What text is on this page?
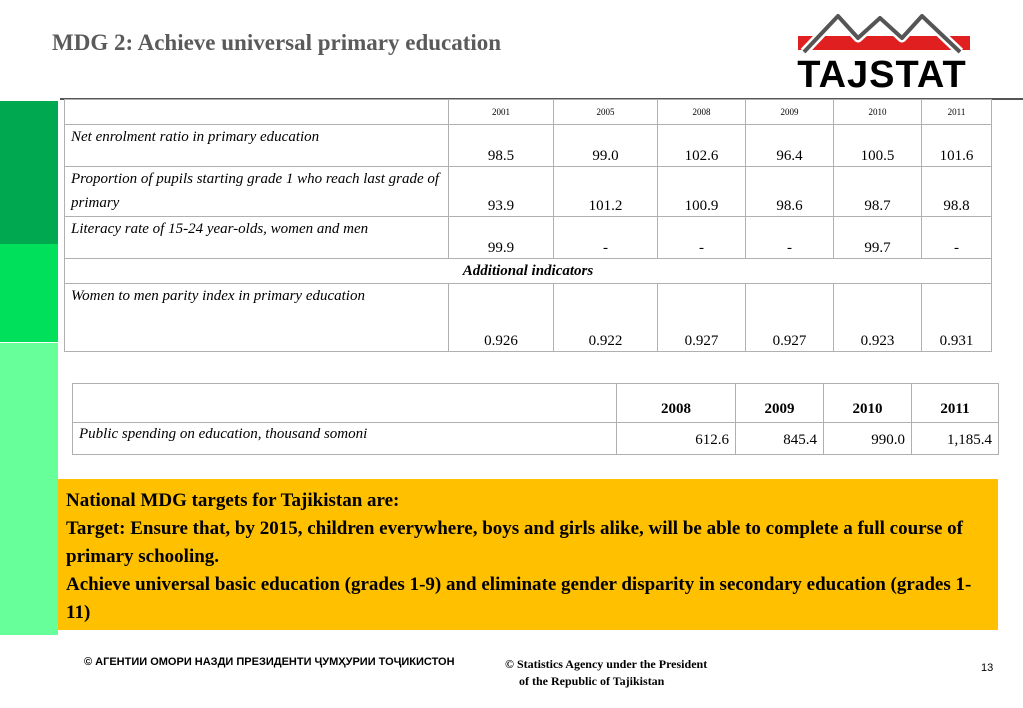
MDG 2: Achieve universal primary education
TAJSTAT
	2001	2005	2008	2009	2010	2011
Net enrolment ratio in primary education	98.5	99.0	102.6	96.4	100.5	101.6
Proportion of pupils starting grade 1 who reach last grade of primary	93.9	101.2	100.9	98.6	98.7	98.8
Literacy rate of 15-24 year-olds, women and men	99.9	-	-	-	99.7	-
Additional indicators						
Women to men parity index in primary education	0.926	0.922	0.927	0.927	0.923	0.931
	2008	2009	2010	2011
Public spending on education, thousand somoni	612.6	845.4	990.0	1,185.4
National MDG targets for Tajikistan are:
Target: Ensure that, by 2015, children everywhere, boys and girls alike, will be able to complete a full course of primary schooling.
Achieve universal basic education (grades 1-9) and eliminate gender disparity in secondary education (grades 1-11)
© АГЕНТИИ ОМОРИ НАЗДИ ПРЕЗИДЕНТИ ҶУМҲУРИИ ТОҶИКИСТОН	© Statistics Agency under the President
of the Republic of Tajikistan
13
